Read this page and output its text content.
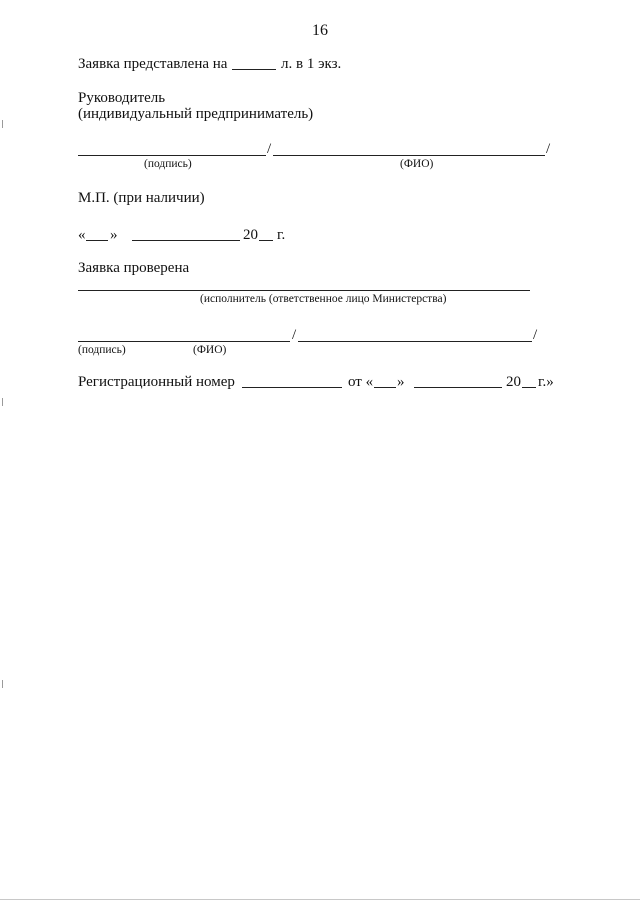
16
Заявка представлена на	л. в 1 экз.
Руководитель
(индивидуальный предприниматель)
/	/
(подпись)	(ФИО)
М.П. (при наличии)
« »	20 г.
Заявка проверена
(исполнитель (ответственное лицо Министерства)
/	/
(подпись)	(ФИО)
Регистрационный номер	от « »	20 г.»
